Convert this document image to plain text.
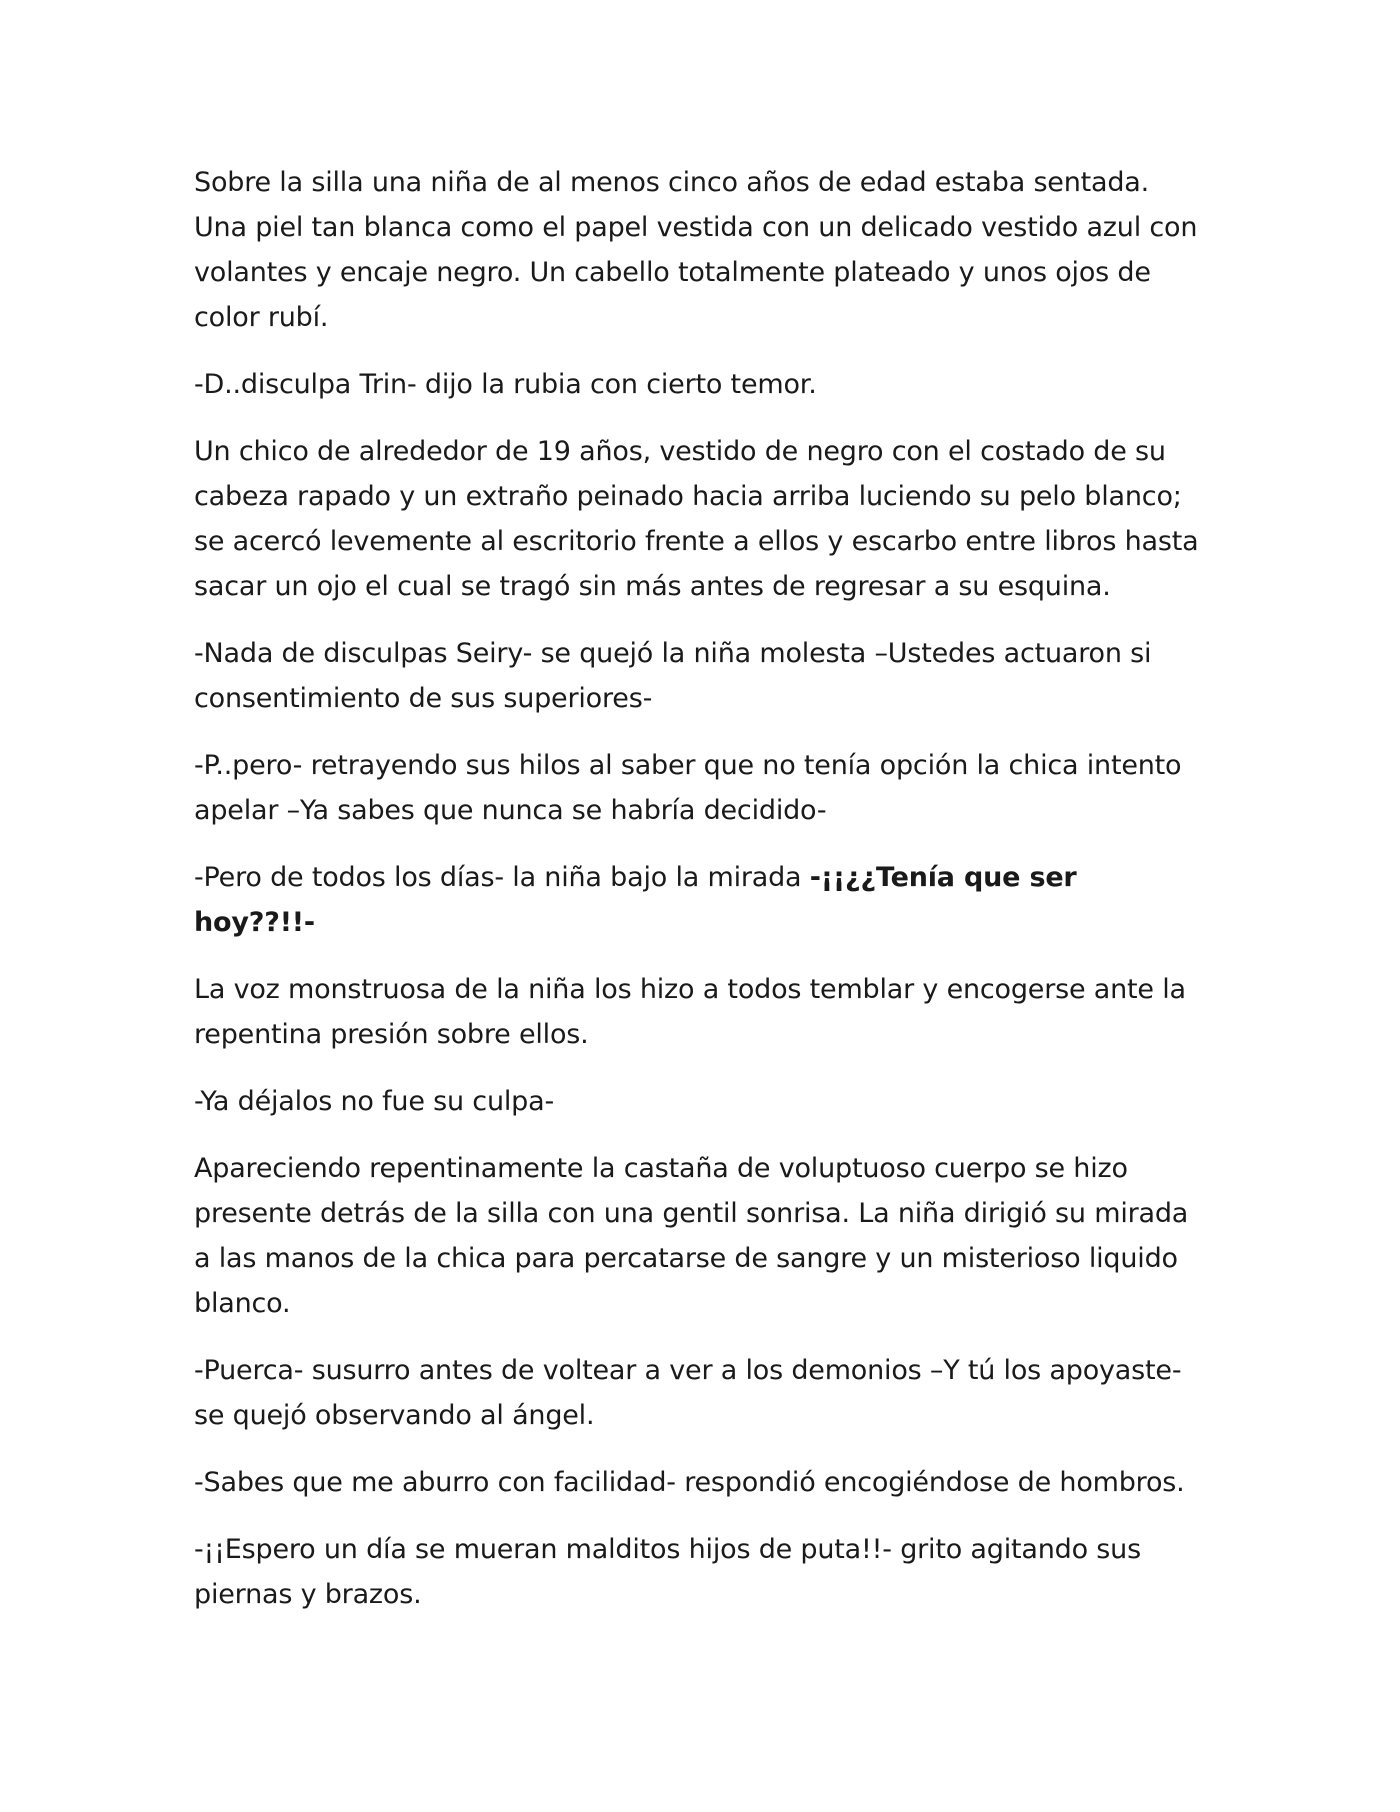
Sobre la silla una niña de al menos cinco años de edad estaba sentada. Una piel tan blanca como el papel vestida con un delicado vestido azul con volantes y encaje negro. Un cabello totalmente plateado y unos ojos de color rubí.

-D..disculpa Trin- dijo la rubia con cierto temor.

Un chico de alrededor de 19 años, vestido de negro con el costado de su cabeza rapado y un extraño peinado hacia arriba luciendo su pelo blanco; se acercó levemente al escritorio frente a ellos y escarbo entre libros hasta sacar un ojo el cual se tragó sin más antes de regresar a su esquina.

-Nada de disculpas Seiry- se quejó la niña molesta –Ustedes actuaron si consentimiento de sus superiores-

-P..pero- retrayendo sus hilos al saber que no tenía opción la chica intento apelar –Ya sabes que nunca se habría decidido-

-Pero de todos los días- la niña bajo la mirada -¡¡¿¿Tenía que ser hoy??!!-

La voz monstruosa de la niña los hizo a todos temblar y encogerse ante la repentina presión sobre ellos.

-Ya déjalos no fue su culpa-

Apareciendo repentinamente la castaña de voluptuoso cuerpo se hizo presente detrás de la silla con una gentil sonrisa. La niña dirigió su mirada a las manos de la chica para percatarse de sangre y un misterioso liquido blanco.

-Puerca- susurro antes de voltear a ver a los demonios –Y tú los apoyaste- se quejó observando al ángel.

-Sabes que me aburro con facilidad- respondió encogiéndose de hombros.

-¡¡Espero un día se mueran malditos hijos de puta!!- grito agitando sus piernas y brazos.
